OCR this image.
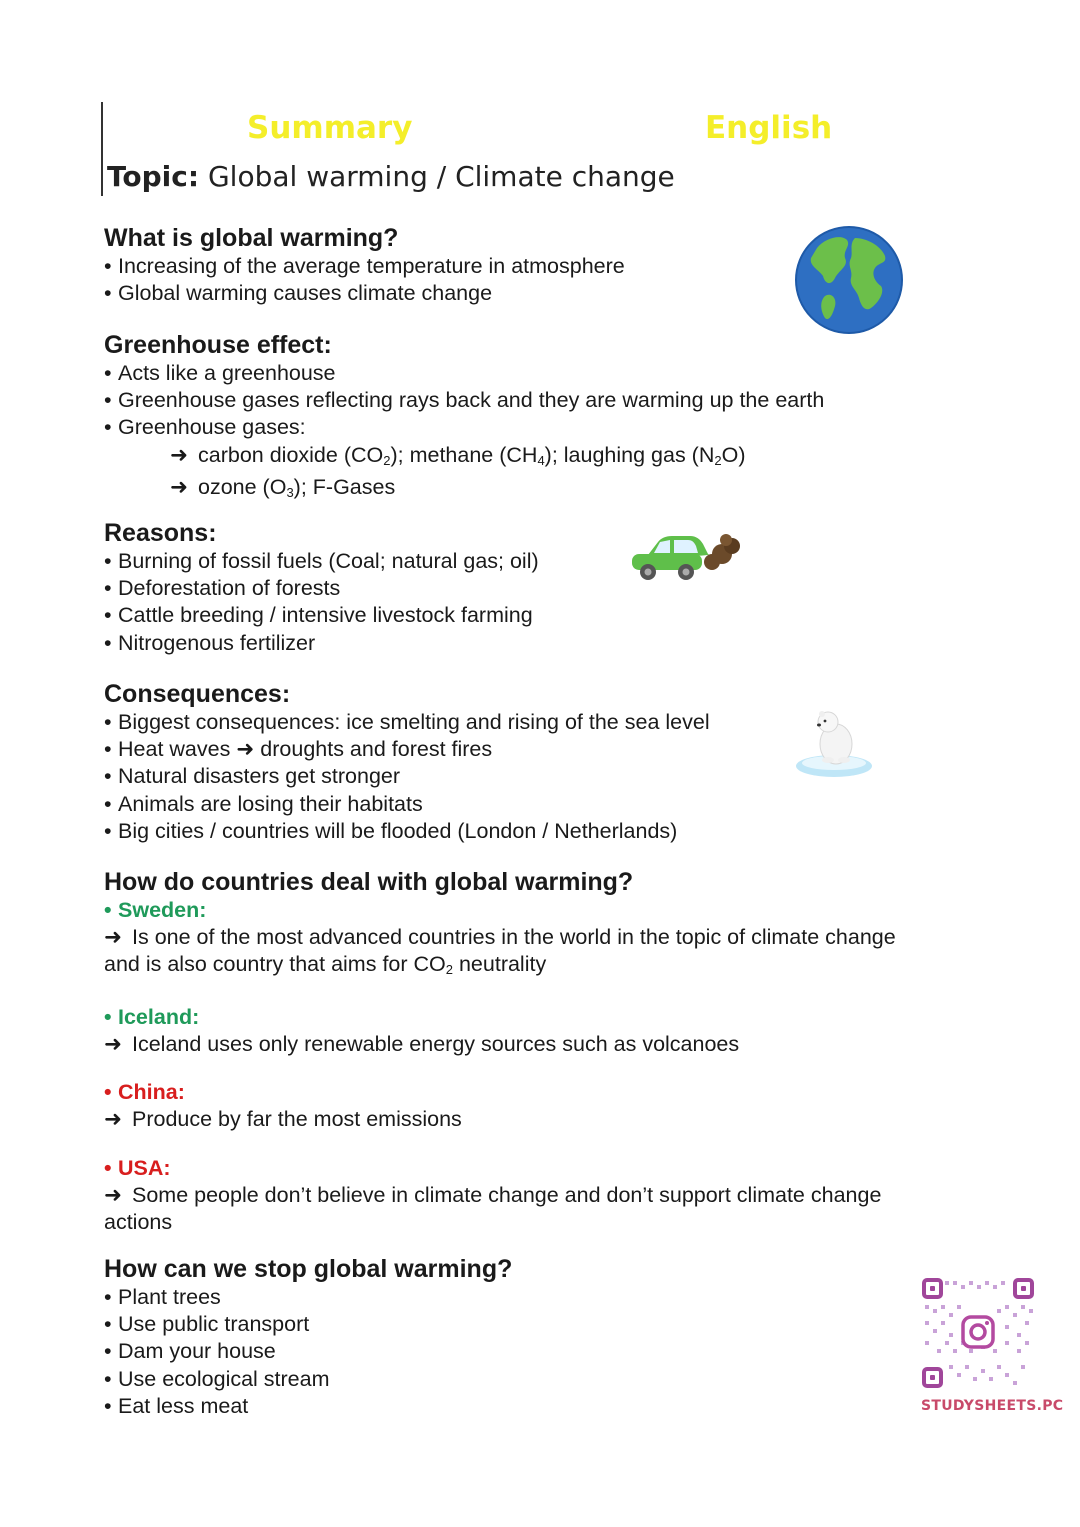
Summary	English
Topic: Global warming / Climate change
What is global warming?
• Increasing of the average temperature in atmosphere
• Global warming causes climate change
Greenhouse effect:
• Acts like a greenhouse
• Greenhouse gases reflecting rays back and they are warming up the earth
• Greenhouse gases:
➜ carbon dioxide $(CO_2)$; methane $(CH_4)$; laughing gas $(N_2O)$
➜ ozone $(O_3)$; F-Gases
Reasons:
• Burning of fossil fuels (Coal; natural gas; oil)
• Deforestation of forests
• Cattle breeding / intensive livestock farming
• Nitrogenous fertilizer
Consequences:
• Biggest consequences: ice smelting and rising of the sea level
• Heat waves ➜ droughts and forest fires
• Natural disasters get stronger
• Animals are losing their habitats
• Big cities / countries will be flooded (London / Netherlands)
How do countries deal with global warming?
• Sweden:
➜ Is one of the most advanced countries in the world in the topic of climate change
and is also country that aims for $CO_2$ neutrality
• Iceland:
➜ Iceland uses only renewable energy sources such as volcanoes
• China:
➜ Produce by far the most emissions
• USA:
➜ Some people don’t believe in climate change and don’t support climate change
actions
How can we stop global warming?
• Plant trees
• Use public transport
• Dam your house
• Use ecological stream
• Eat less meat	STUDYSHEETS.PC
